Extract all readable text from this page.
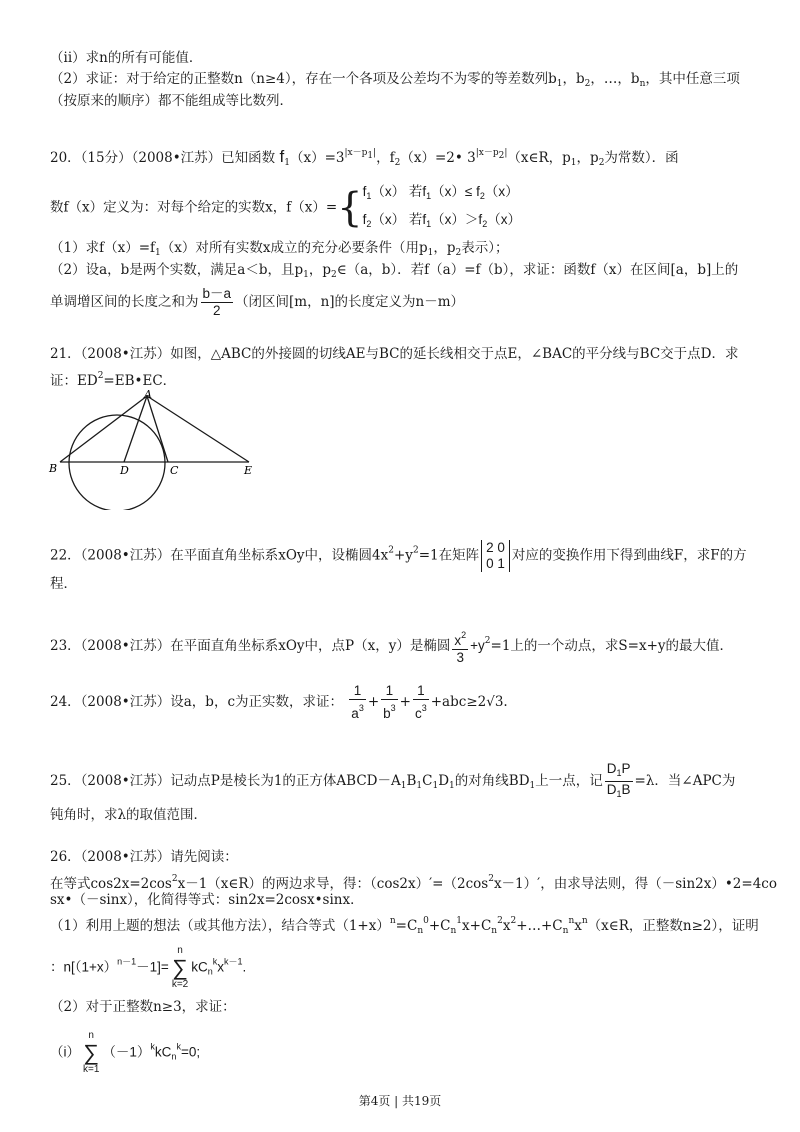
（ii）求n的所有可能值．
（2）求证：对于给定的正整数n（n≥4），存在一个各项及公差均不为零的等差数列$b_1$，$b_2$，…，$b_n$，其中任意三项
（按原来的顺序）都不能组成等比数列．
20．（15分）（2008•江苏）已知函数 $f_1(x)=3^{|x-p1|}$，$f_2(x)=2•$ $3^{|x-p2|}(x\in R$，$p_1$，$p_2$为常数）．函
数f（x）定义为：对每个给定的实数x，f（x）={ $f_1(x)$ 若$f_1(x)\le f_2(x)$
$f_2(x)$ 若$f_1(x)>f_2(x)$
（1）求$f(x)=f_1(x)$对所有实数x成立的充分必要条件（用$p_1$，$p_2$表示）；
（2）设a，b是两个实数，满足a＜b，且$p_1$，$p_2\in(a$，b）．若f（a）=f（b），求证：函数f（x）在区间[a，b]上的
单调增区间的长度之和为 $\frac{b-a}{2}$ （闭区间[m，n]的长度定义为n－m）
21．（2008•江苏）如图，△ABC的外接圆的切线AE与BC的延长线相交于点E，∠BAC的平分线与BC交于点D．求
证：$ED^2=EB•EC$．
A
B	D	C	E
22．（2008•江苏）在平面直角坐标系xOy中，设椭圆$4x^2+y^2=1$在矩阵 2 0
0 1 对应的变换作用下得到曲线F，求F的方
程．
23．（2008•江苏）在平面直角坐标系xOy中，点P（x，y）是椭圆 $\frac{x^2}{3} +y^2=1$上的一个动点，求S=x+y的最大值．
24．（2008•江苏）设a，b，c为正实数，求证： $\frac{1}{a^3} + \frac{1}{b^3} + \frac{1}{c^3} +abc\ge 2√3$.
25．（2008•江苏）记动点P是棱长为1的正方体$ABCD-A_1B_1C_1D_1$的对角线$BD_1$上一点，记 $\frac{D_1P}{D_1B} =\lambda$．当∠APC为
钝角时，求λ的取值范围．
26．（2008•江苏）请先阅读：
在等式$\cos 2x=2\cos^2x-1(x\in R)$的两边求导，得：$(\cos 2x)'=(2\cos^2x-1)'$，由求导法则，得（－sin2x）•2=4co
sx•（－sinx），化简得等式：sin2x=2cosx•sinx．
（1）利用上题的想法（或其他方法），结合等式$(1+x)^n=C_n^0+C_n^1x+C_n^2x^2+\dots+C_n^nx^n(x\in R$，正整数n≥2），证明
：$n[(1+x)^{n-1}-1]=$
n
∑
k=2
$kC_n^kx^{k-1}$.
（2）对于正整数n≥3，求证：
（i）
n
∑
k=1
$(-1)^kkC_n^k=0$;
第4页 | 共19页
